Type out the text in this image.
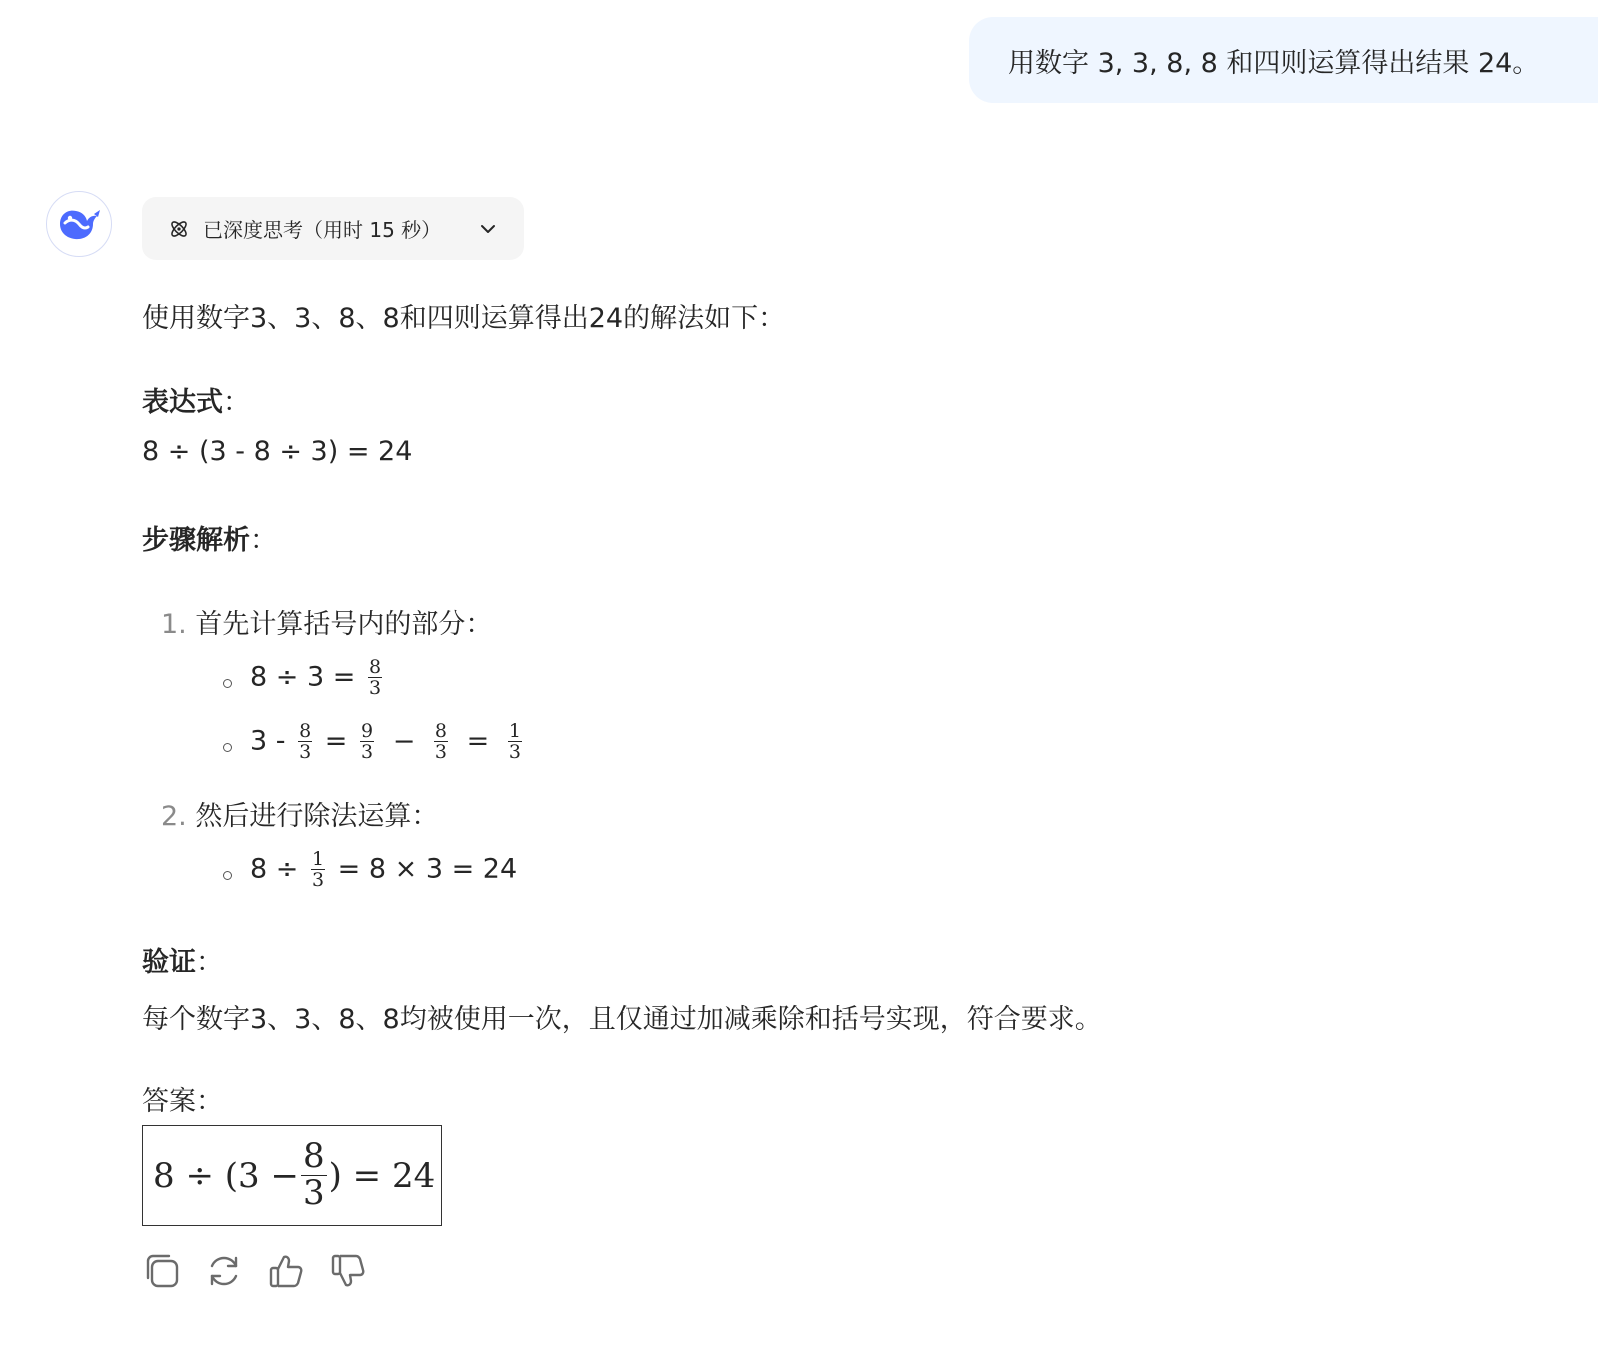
用数字 3, 3, 8, 8 和四则运算得出结果 24。
已深度思考（用时 15 秒）
使用数字3、3、8、8和四则运算得出24的解法如下：
表达式：
8 ÷ (3 - 8 ÷ 3) = 24
步骤解析：
1. 首先计算括号内的部分：
$8 \div 3 = \frac{8}{3}$
$3 - \frac{8}{3} = \frac{9}{3} - \frac{8}{3} = \frac{1}{3}$
2. 然后进行除法运算：
$8 \div \frac{1}{3} = 8 \times 3 = 24$
验证：
每个数字3、3、8、8均被使用一次，且仅通过加减乘除和括号实现，符合要求。
答案：
$8 \div (3 - \frac{8}{3}$ ) = 24
